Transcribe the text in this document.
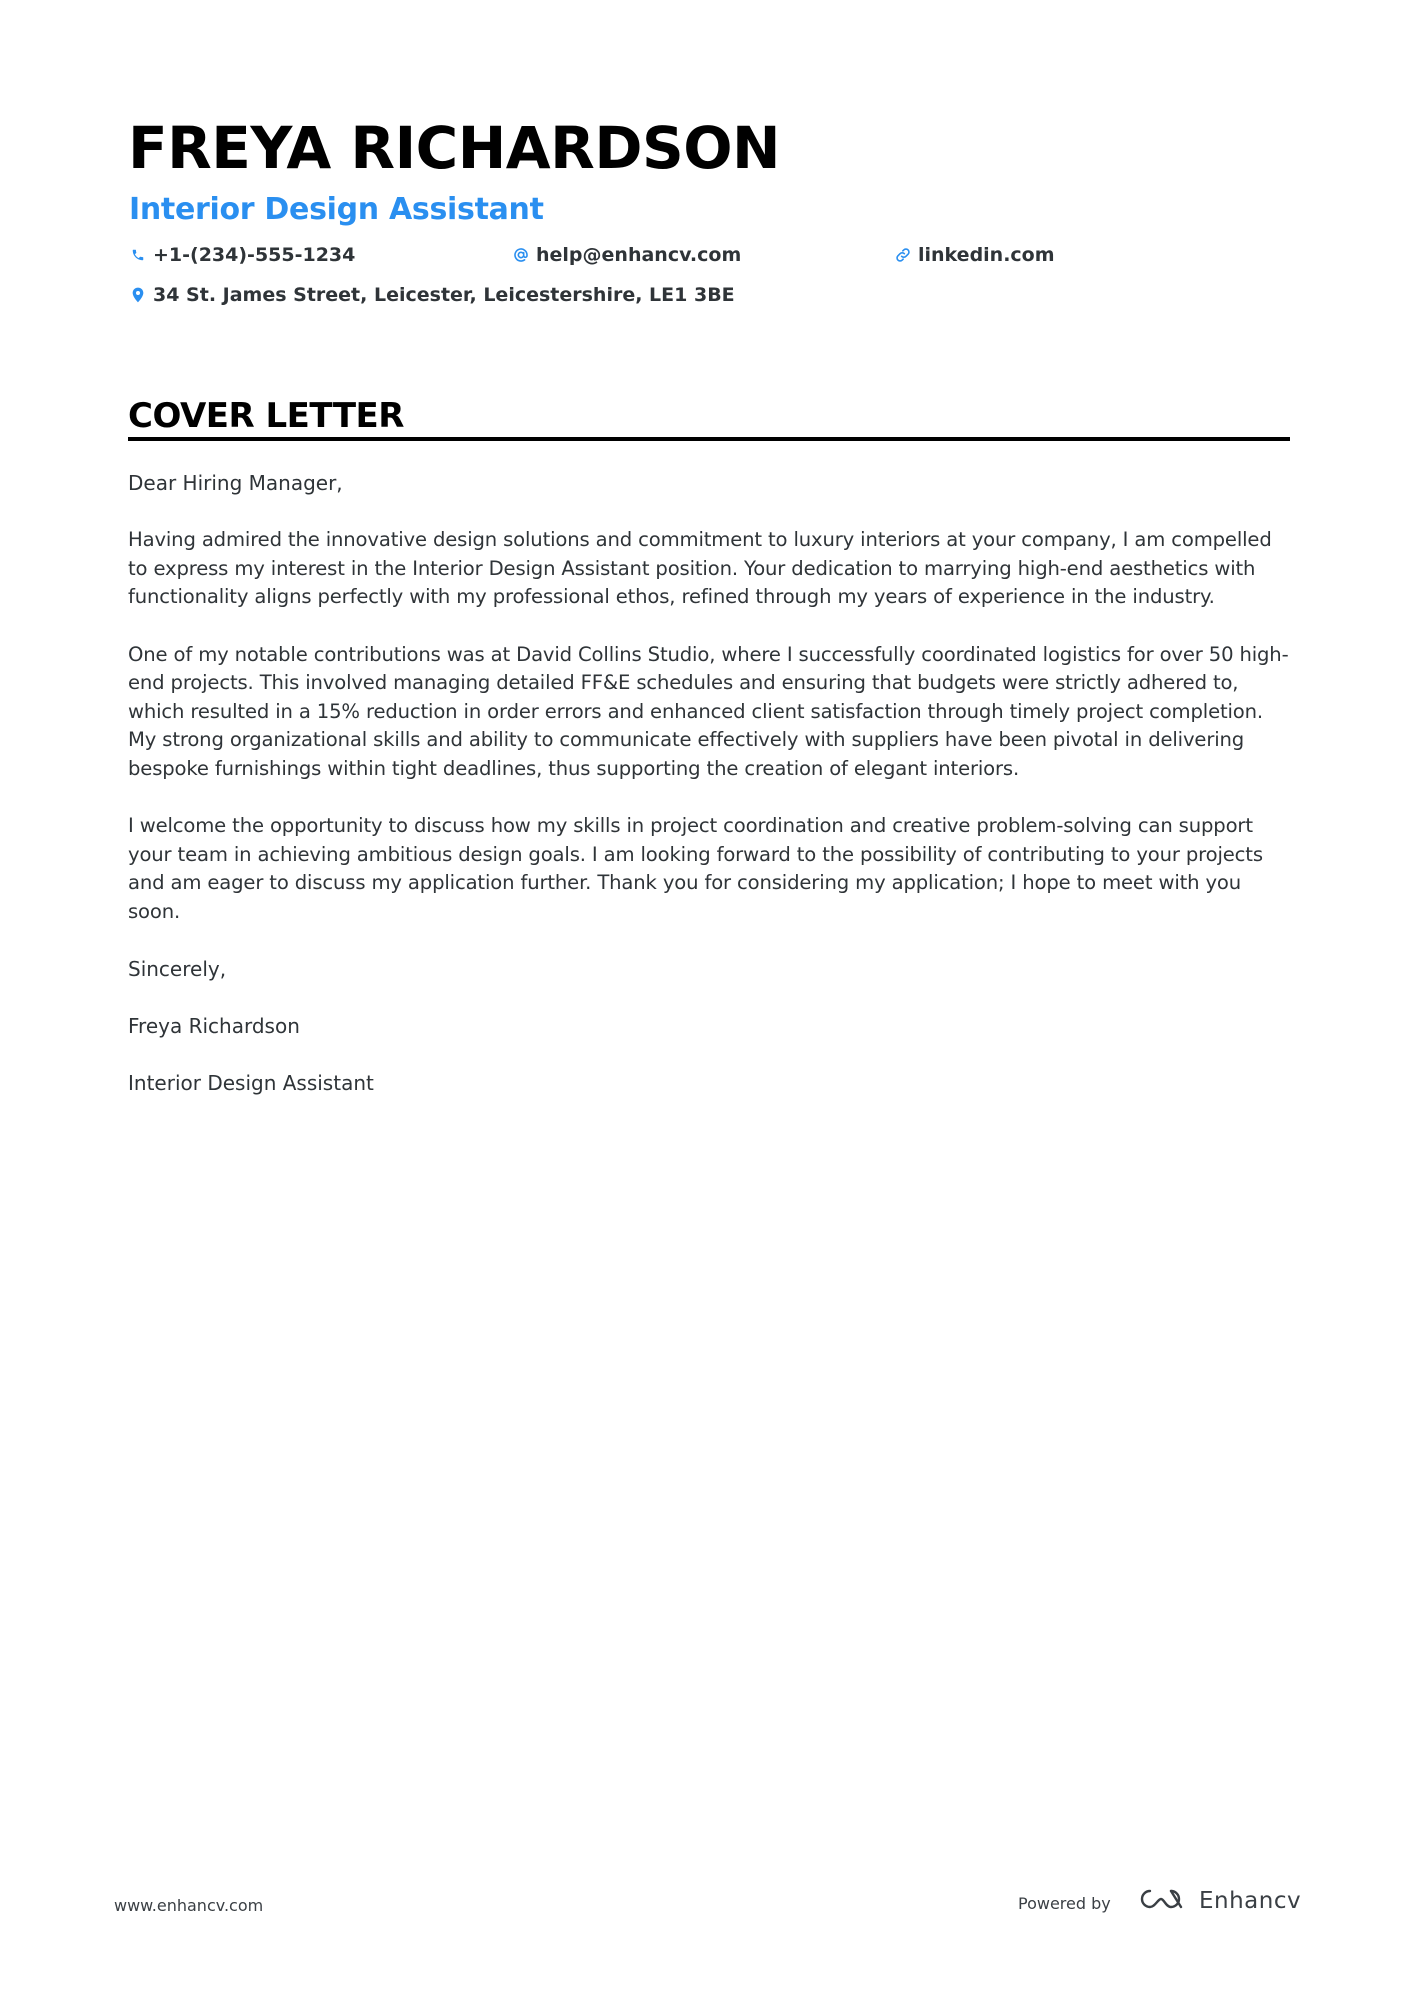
FREYA RICHARDSON
Interior Design Assistant
+1-(234)-555-1234	help@enhancv.com	linkedin.com
34 St. James Street, Leicester, Leicestershire, LE1 3BE
COVER LETTER

Dear Hiring Manager,

Having admired the innovative design solutions and commitment to luxury interiors at your company, I am compelled to express my interest in the Interior Design Assistant position. Your dedication to marrying high-end aesthetics with functionality aligns perfectly with my professional ethos, refined through my years of experience in the industry.

One of my notable contributions was at David Collins Studio, where I successfully coordinated logistics for over 50 high-end projects. This involved managing detailed FF&E schedules and ensuring that budgets were strictly adhered to, which resulted in a 15% reduction in order errors and enhanced client satisfaction through timely project completion. My strong organizational skills and ability to communicate effectively with suppliers have been pivotal in delivering bespoke furnishings within tight deadlines, thus supporting the creation of elegant interiors.

I welcome the opportunity to discuss how my skills in project coordination and creative problem-solving can support your team in achieving ambitious design goals. I am looking forward to the possibility of contributing to your projects and am eager to discuss my application further. Thank you for considering my application; I hope to meet with you soon.

Sincerely,

Freya Richardson

Interior Design Assistant

www.enhancv.com	Powered by	Enhancv
